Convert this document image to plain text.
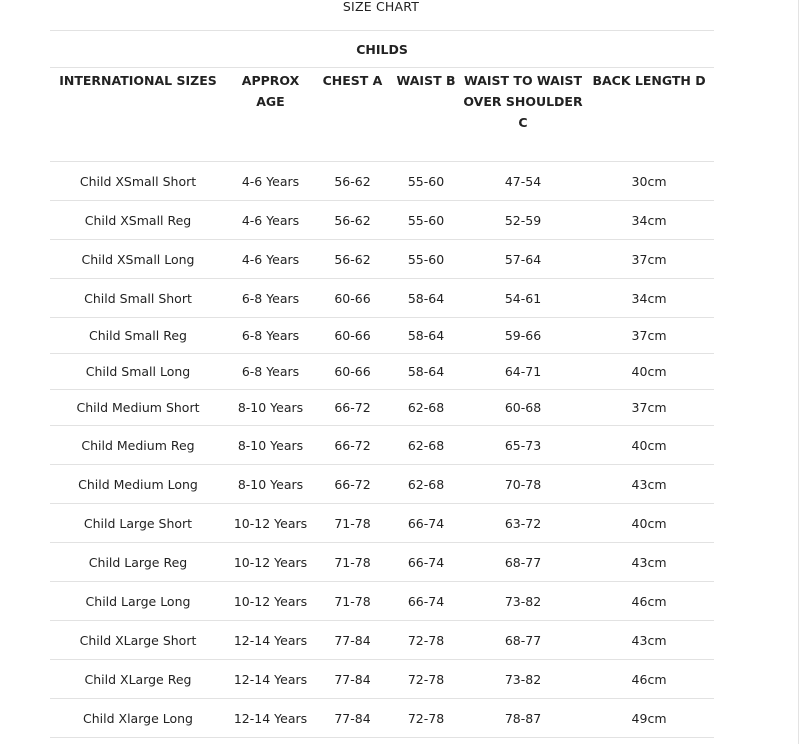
SIZE CHART
CHILDS					
INTERNATIONAL SIZES	APPROX AGE	CHEST A	WAIST B	WAIST TO WAIST OVER SHOULDER C	BACK LENGTH D
Child XSmall Short	4-6 Years	56-62	55-60	47-54	30cm
Child XSmall Reg	4-6 Years	56-62	55-60	52-59	34cm
Child XSmall Long	4-6 Years	56-62	55-60	57-64	37cm
Child Small Short	6-8 Years	60-66	58-64	54-61	34cm
Child Small Reg	6-8 Years	60-66	58-64	59-66	37cm
Child Small Long	6-8 Years	60-66	58-64	64-71	40cm
Child Medium Short	8-10 Years	66-72	62-68	60-68	37cm
Child Medium Reg	8-10 Years	66-72	62-68	65-73	40cm
Child Medium Long	8-10 Years	66-72	62-68	70-78	43cm
Child Large Short	10-12 Years	71-78	66-74	63-72	40cm
Child Large Reg	10-12 Years	71-78	66-74	68-77	43cm
Child Large Long	10-12 Years	71-78	66-74	73-82	46cm
Child XLarge Short	12-14 Years	77-84	72-78	68-77	43cm
Child XLarge Reg	12-14 Years	77-84	72-78	73-82	46cm
Child Xlarge Long	12-14 Years	77-84	72-78	78-87	49cm
